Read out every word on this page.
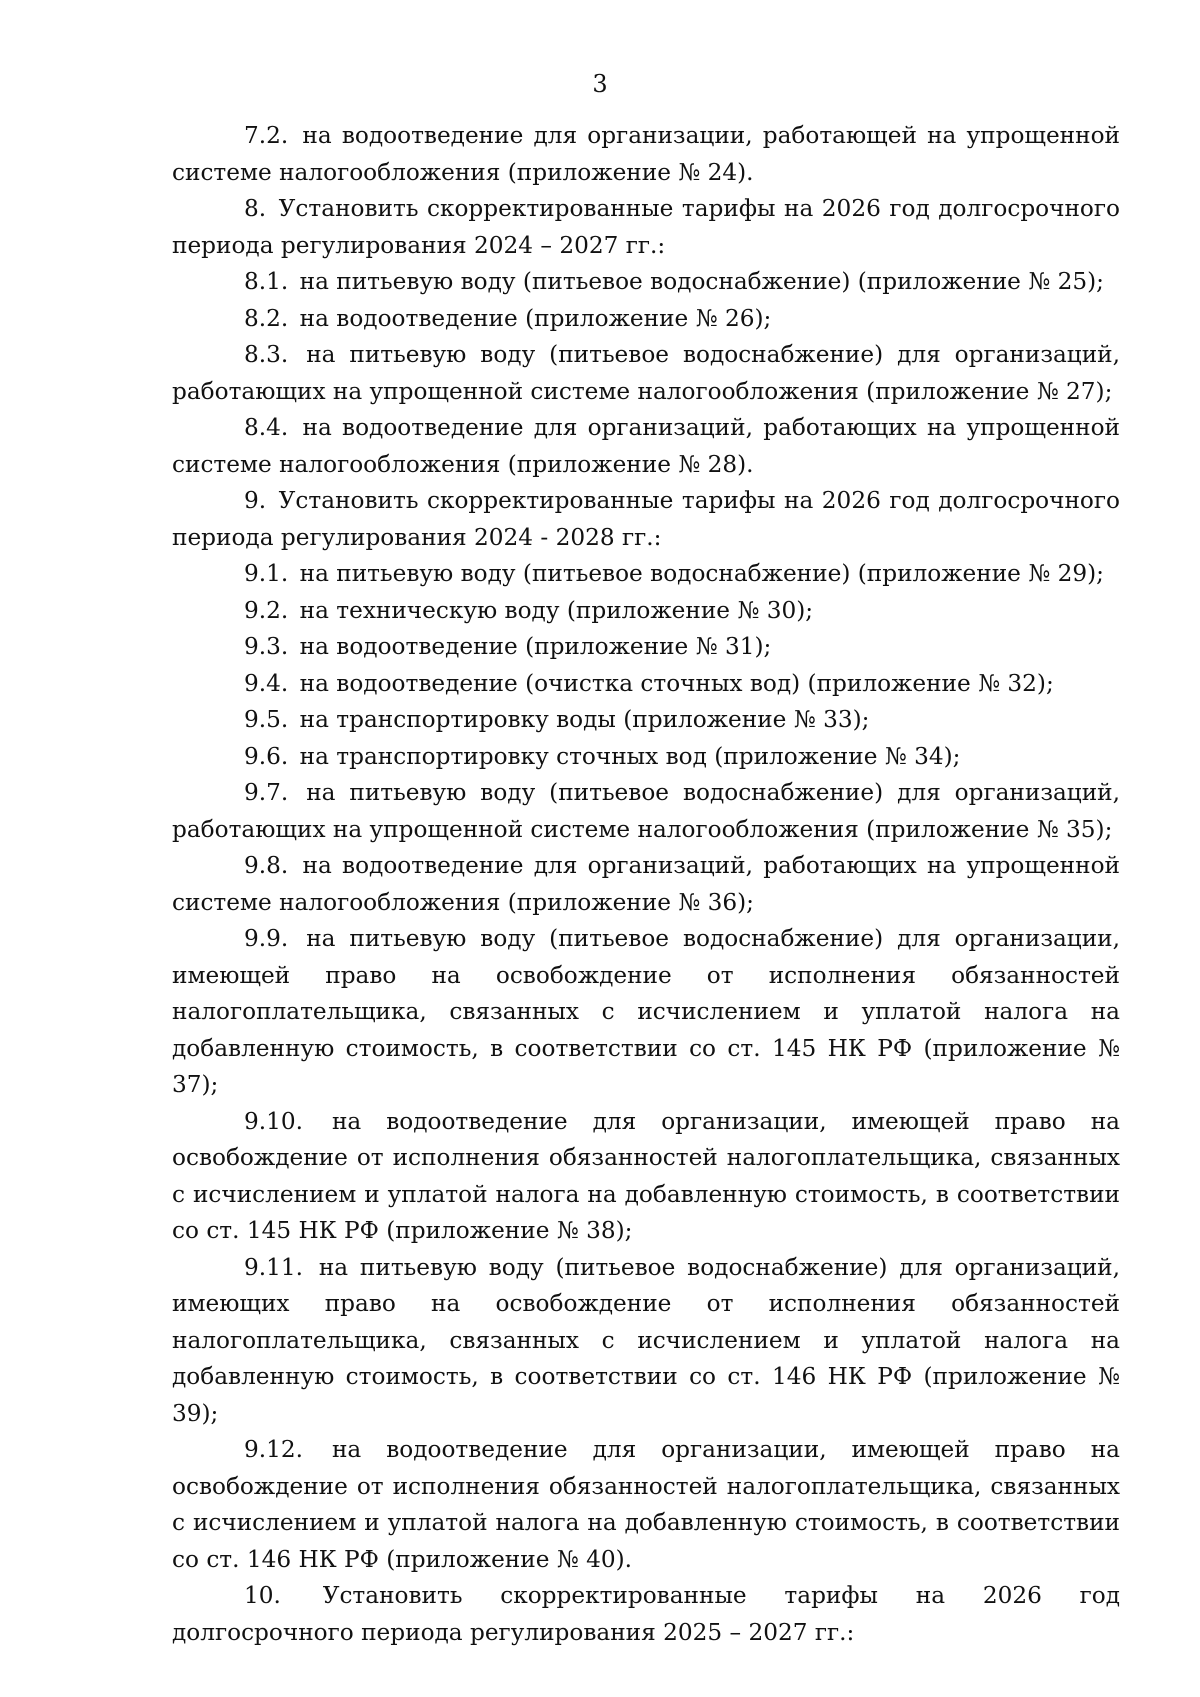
3

7.2. на водоотведение для организации, работающей на упрощенной системе налогообложения (приложение № 24).

8. Установить скорректированные тарифы на 2026 год долгосрочного периода регулирования 2024 – 2027 гг.:

8.1. на питьевую воду (питьевое водоснабжение) (приложение № 25);

8.2. на водоотведение (приложение № 26);

8.3. на питьевую воду (питьевое водоснабжение) для организаций, работающих на упрощенной системе налогообложения (приложение № 27);

8.4. на водоотведение для организаций, работающих на упрощенной системе налогообложения (приложение № 28).

9. Установить скорректированные тарифы на 2026 год долгосрочного периода регулирования 2024 - 2028 гг.:

9.1. на питьевую воду (питьевое водоснабжение) (приложение № 29);

9.2. на техническую воду (приложение № 30);

9.3. на водоотведение (приложение № 31);

9.4. на водоотведение (очистка сточных вод) (приложение № 32);

9.5. на транспортировку воды (приложение № 33);

9.6. на транспортировку сточных вод (приложение № 34);

9.7. на питьевую воду (питьевое водоснабжение) для организаций, работающих на упрощенной системе налогообложения (приложение № 35);

9.8. на водоотведение для организаций, работающих на упрощенной системе налогообложения (приложение № 36);

9.9. на питьевую воду (питьевое водоснабжение) для организации, имеющей право на освобождение от исполнения обязанностей налогоплательщика, связанных с исчислением и уплатой налога на добавленную стоимость, в соответствии со ст. 145 НК РФ (приложение № 37);

9.10. на водоотведение для организации, имеющей право на освобождение от исполнения обязанностей налогоплательщика, связанных с исчислением и уплатой налога на добавленную стоимость, в соответствии со ст. 145 НК РФ (приложение № 38);

9.11. на питьевую воду (питьевое водоснабжение) для организаций, имеющих право на освобождение от исполнения обязанностей налогоплательщика, связанных с исчислением и уплатой налога на добавленную стоимость, в соответствии со ст. 146 НК РФ (приложение № 39);

9.12. на водоотведение для организации, имеющей право на освобождение от исполнения обязанностей налогоплательщика, связанных с исчислением и уплатой налога на добавленную стоимость, в соответствии со ст. 146 НК РФ (приложение № 40).

10. Установить скорректированные тарифы на 2026 год долгосрочного периода регулирования 2025 – 2027 гг.:
